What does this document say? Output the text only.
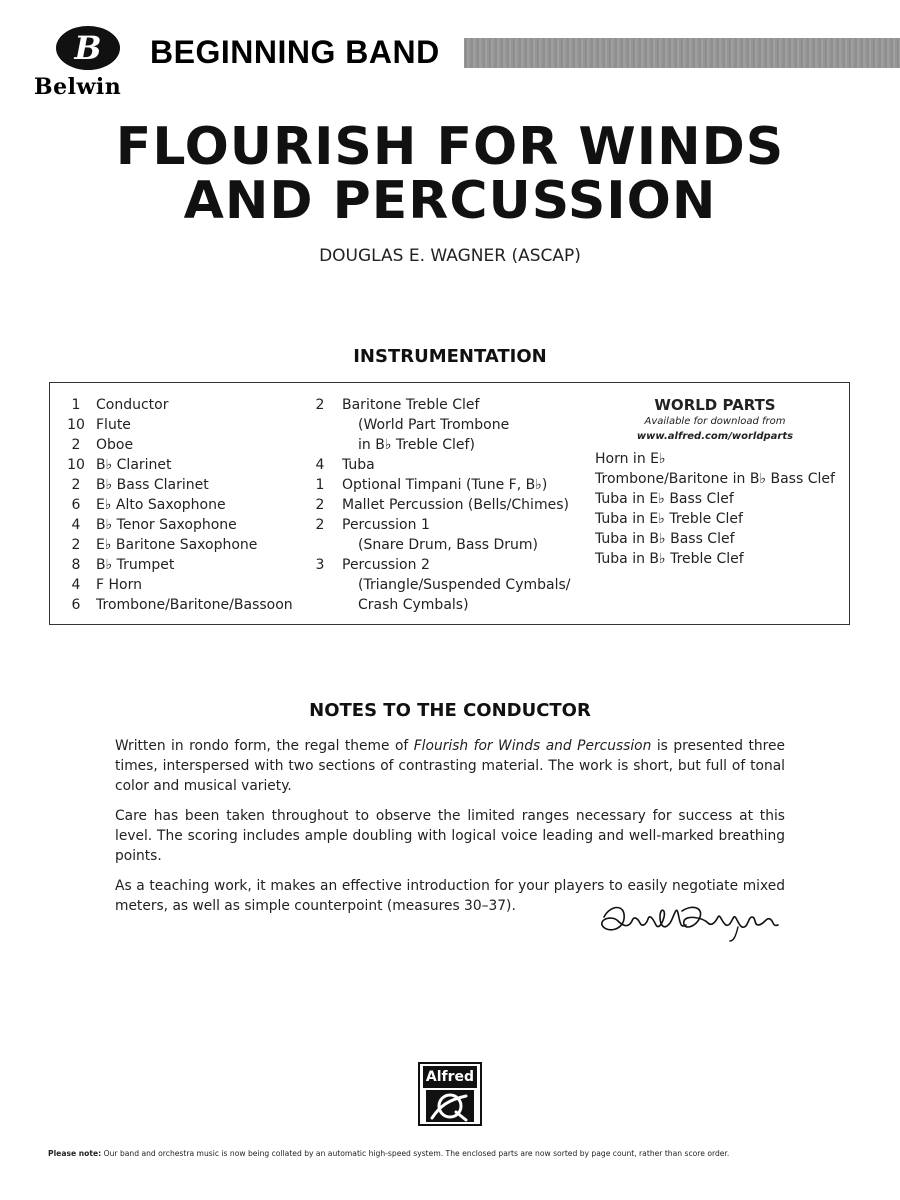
B
Belwin
BEGINNING BAND
FLOURISH FOR WINDS
AND PERCUSSION
DOUGLAS E. WAGNER (ASCAP)
INSTRUMENTATION
1 Conductor
10 Flute
2 Oboe
10 B♭ Clarinet
2 B♭ Bass Clarinet
6 E♭ Alto Saxophone
4 B♭ Tenor Saxophone
2 E♭ Baritone Saxophone
8 B♭ Trumpet
4 F Horn
6 Trombone/Baritone/Bassoon
2 Baritone Treble Clef
(World Part Trombone
in B♭ Treble Clef)
4 Tuba
1 Optional Timpani (Tune F, B♭)
2 Mallet Percussion (Bells/Chimes)
2 Percussion 1
(Snare Drum, Bass Drum)
3 Percussion 2
(Triangle/Suspended Cymbals/
Crash Cymbals)
WORLD PARTS
Available for download from
www.alfred.com/worldparts
Horn in E♭
Trombone/Baritone in B♭ Bass Clef
Tuba in E♭ Bass Clef
Tuba in E♭ Treble Clef
Tuba in B♭ Bass Clef
Tuba in B♭ Treble Clef
NOTES TO THE CONDUCTOR

Written in rondo form, the regal theme of Flourish for Winds and Percussion is presented three times, interspersed with two sections of contrasting material. The work is short, but full of tonal color and musical variety.

Care has been taken throughout to observe the limited ranges necessary for success at this level. The scoring includes ample doubling with logical voice leading and well-marked breathing points.

As a teaching work, it makes an effective introduction for your players to easily negotiate mixed meters, as well as simple counterpoint (measures 30–37).

Alfred
Please note: Our band and orchestra music is now being collated by an automatic high-speed system. The enclosed parts are now sorted by page count, rather than score order.
